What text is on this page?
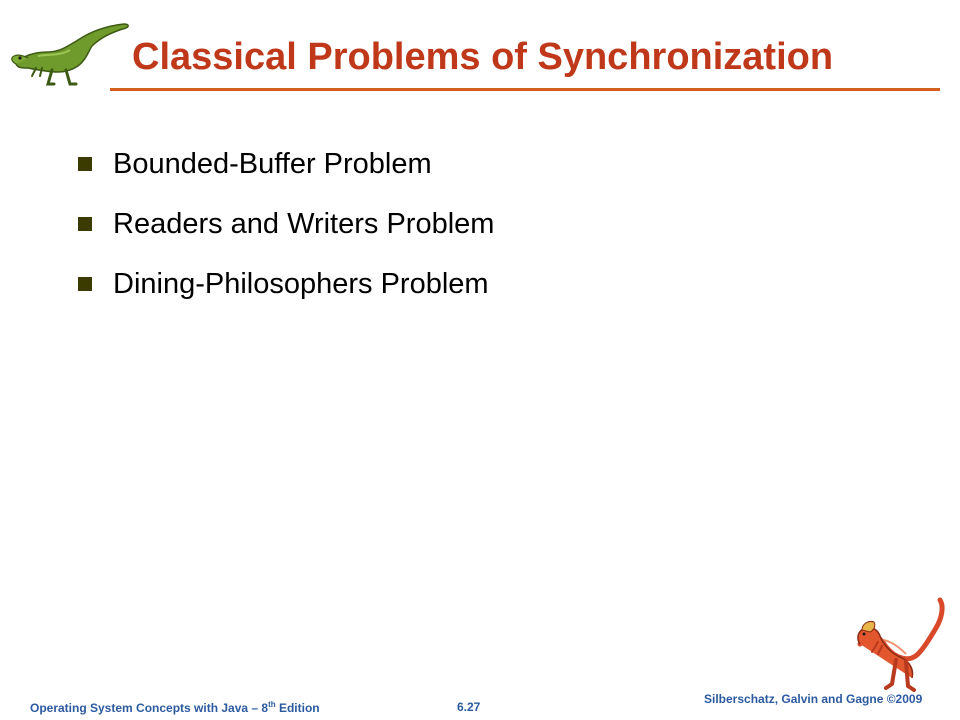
Classical Problems of Synchronization
Bounded-Buffer Problem
Readers and Writers Problem
Dining-Philosophers Problem
Operating System Concepts with Java – 8th Edition	6.27
Silberschatz, Galvin and Gagne ©2009
